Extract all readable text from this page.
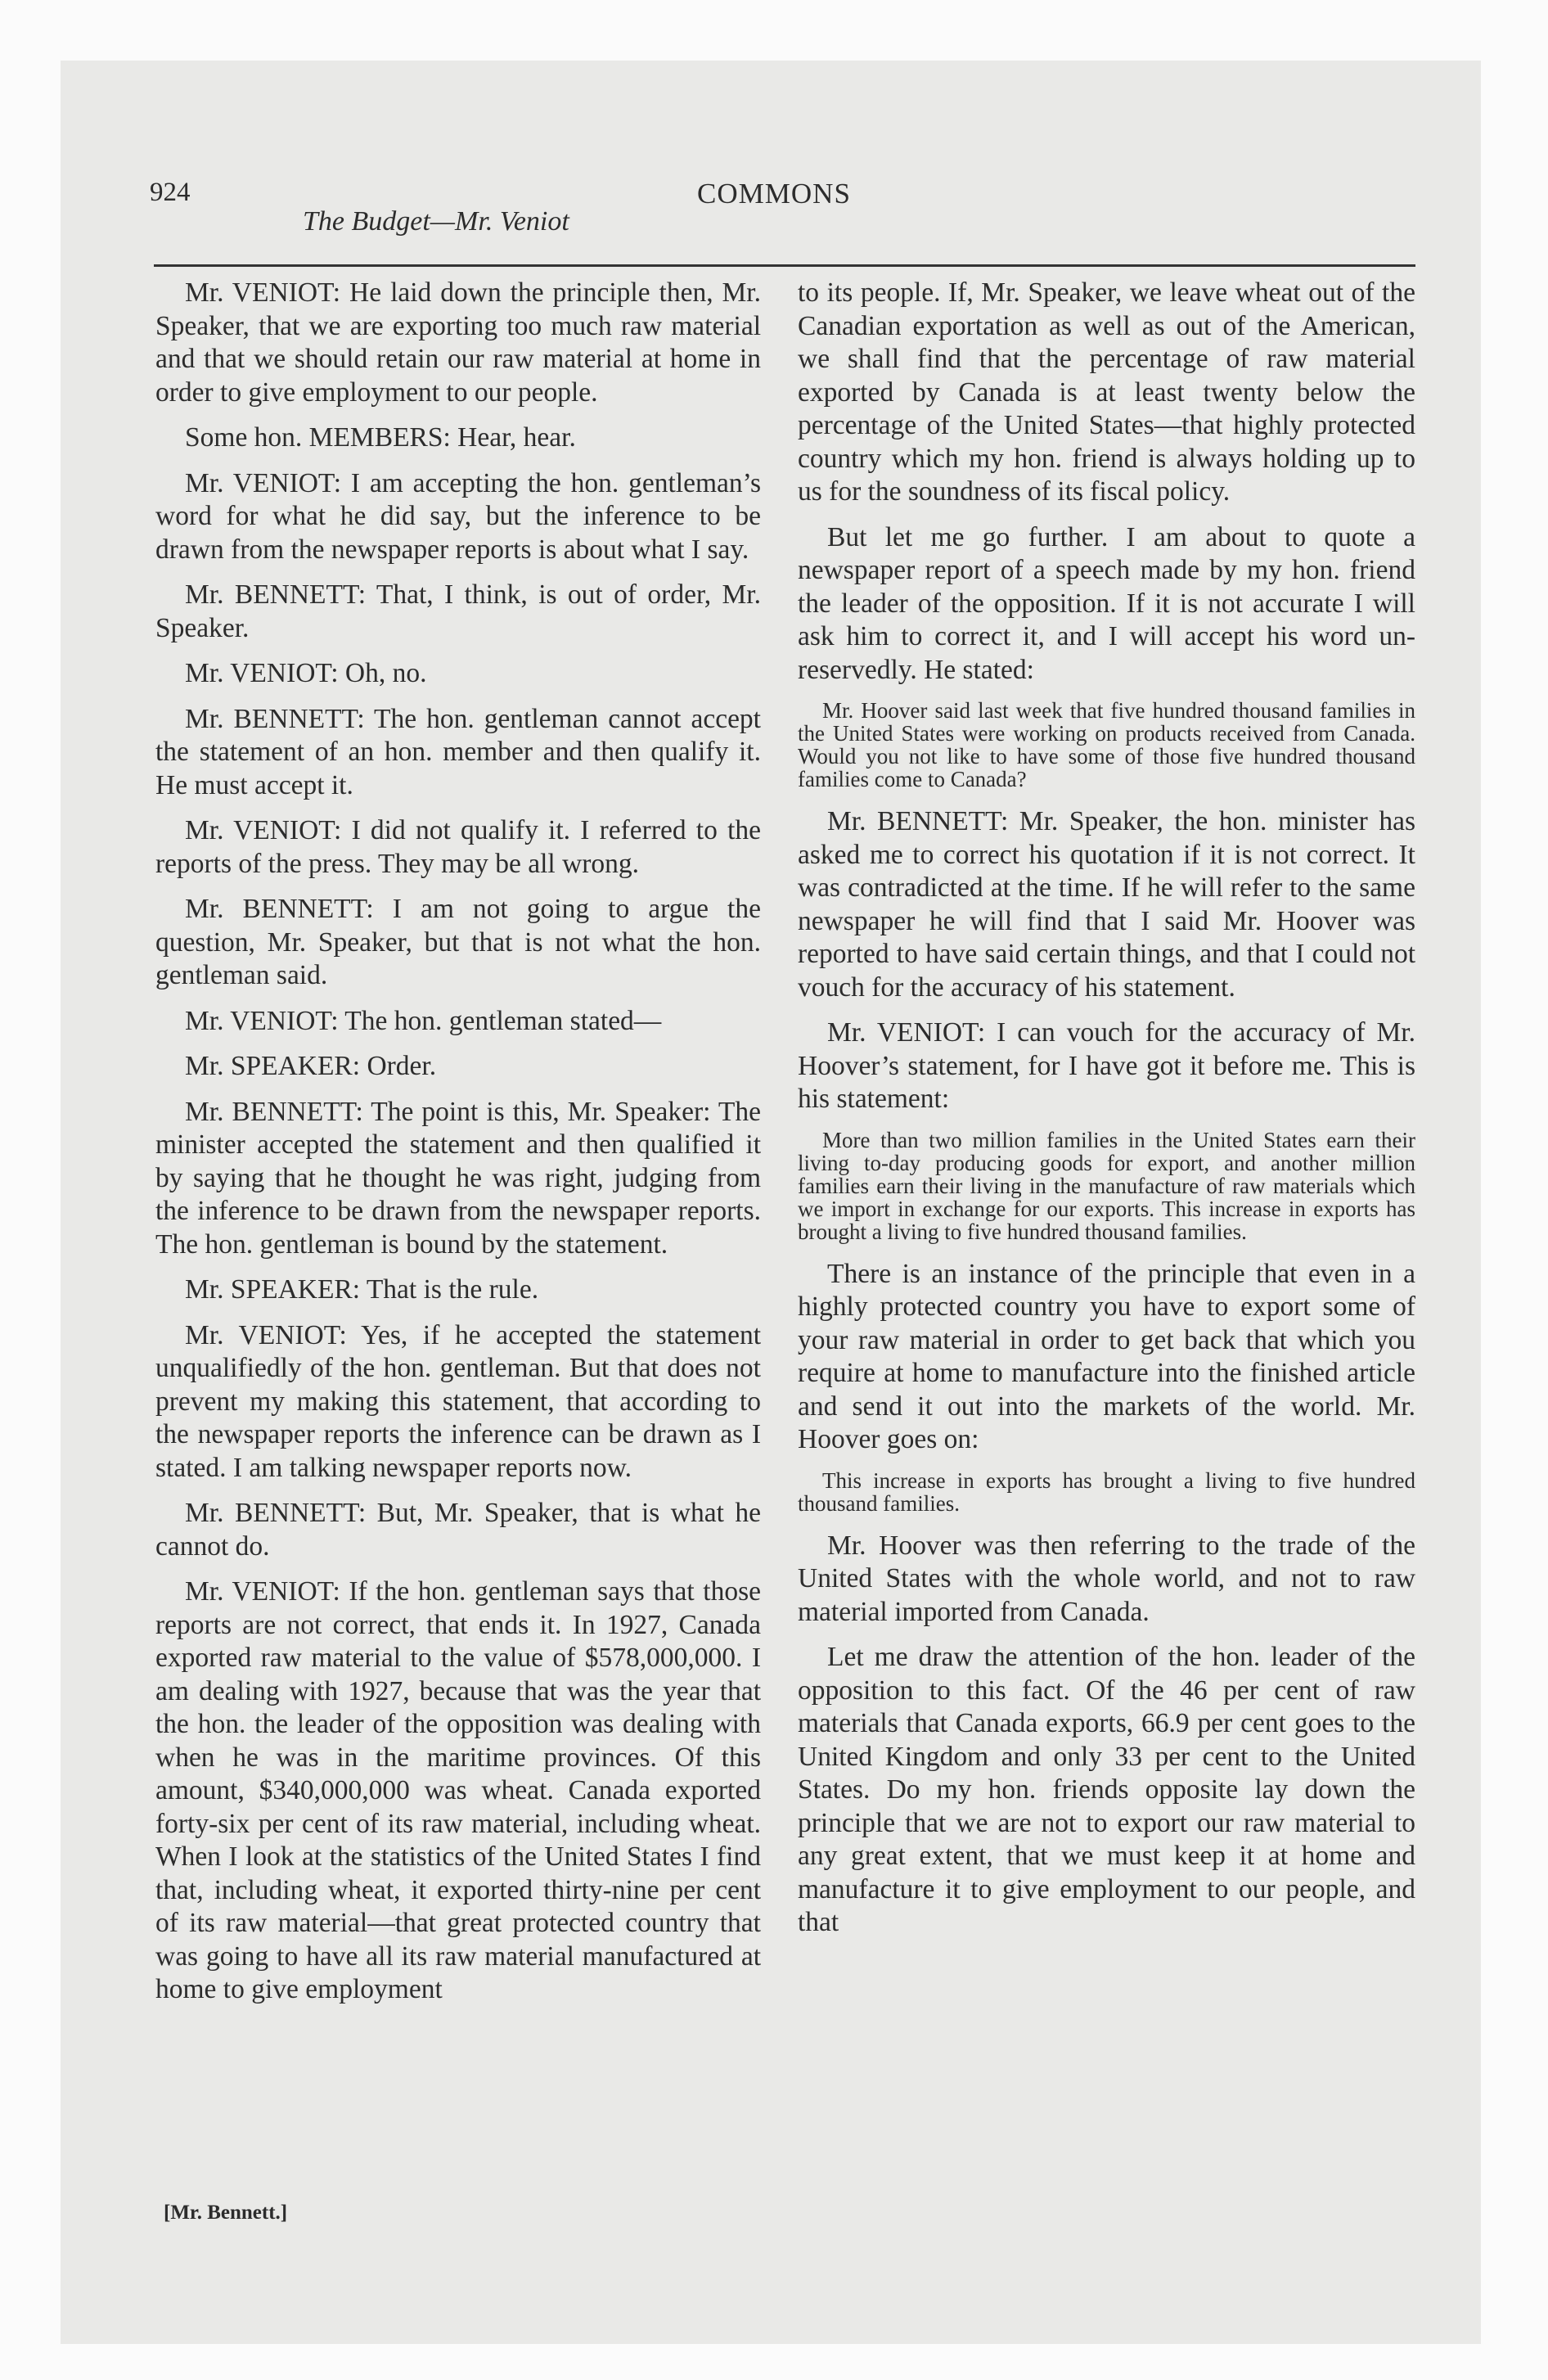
924	COMMONS
The Budget—Mr. Veniot

Mr. VENIOT: He laid down the principle then, Mr. Speaker, that we are exporting too much raw material and that we should retain our raw material at home in order to give employment to our people.

Some hon. MEMBERS: Hear, hear.

Mr. VENIOT: I am accepting the hon. gentleman’s word for what he did say, but the inference to be drawn from the newspaper reports is about what I say.

Mr. BENNETT: That, I think, is out of order, Mr. Speaker.

Mr. VENIOT: Oh, no.

Mr. BENNETT: The hon. gentleman cannot accept the statement of an hon. member and then qualify it. He must accept it.

Mr. VENIOT: I did not qualify it. I referred to the reports of the press. They may be all wrong.

Mr. BENNETT: I am not going to argue the question, Mr. Speaker, but that is not what the hon. gentleman said.

Mr. VENIOT: The hon. gentleman stated—

Mr. SPEAKER: Order.

Mr. BENNETT: The point is this, Mr. Speaker: The minister accepted the statement and then qualified it by saying that he thought he was right, judging from the inference to be drawn from the newspaper reports. The hon. gentleman is bound by the statement.

Mr. SPEAKER: That is the rule.

Mr. VENIOT: Yes, if he accepted the statement unqualifiedly of the hon. gentleman. But that does not prevent my making this statement, that according to the newspaper reports the inference can be drawn as I stated. I am talking newspaper reports now.

Mr. BENNETT: But, Mr. Speaker, that is what he cannot do.

Mr. VENIOT: If the hon. gentleman says that those reports are not correct, that ends it. In 1927, Canada exported raw material to the value of $578,000,000. I am dealing with 1927, because that was the year that the hon. the leader of the opposition was dealing with when he was in the maritime provinces. Of this amount, $340,000,000 was wheat. Canada exported forty-six per cent of its raw material, including wheat. When I look at the statistics of the United States I find that, including wheat, it exported thirty-nine per cent of its raw material—that great protected country that was going to have all its raw material manufactured at home to give employment

to its people. If, Mr. Speaker, we leave wheat out of the Canadian exportation as well as out of the American, we shall find that the percentage of raw material exported by Canada is at least twenty below the percentage of the United States—that highly protected country which my hon. friend is always holding up to us for the soundness of its fiscal policy.

But let me go further. I am about to quote a newspaper report of a speech made by my hon. friend the leader of the opposition. If it is not accurate I will ask him to correct it, and I will accept his word unreservedly. He stated:

Mr. Hoover said last week that five hundred thousand families in the United States were working on products received from Canada. Would you not like to have some of those five hundred thousand families come to Canada?

Mr. BENNETT: Mr. Speaker, the hon. minister has asked me to correct his quotation if it is not correct. It was contradicted at the time. If he will refer to the same newspaper he will find that I said Mr. Hoover was reported to have said certain things, and that I could not vouch for the accuracy of his statement.

Mr. VENIOT: I can vouch for the accuracy of Mr. Hoover’s statement, for I have got it before me. This is his statement:

More than two million families in the United States earn their living to-day producing goods for export, and another million families earn their living in the manufacture of raw materials which we import in exchange for our exports. This increase in exports has brought a living to five hundred thousand families.

There is an instance of the principle that even in a highly protected country you have to export some of your raw material in order to get back that which you require at home to manufacture into the finished article and send it out into the markets of the world. Mr. Hoover goes on:

This increase in exports has brought a living to five hundred thousand families.

Mr. Hoover was then referring to the trade of the United States with the whole world, and not to raw material imported from Canada.

Let me draw the attention of the hon. leader of the opposition to this fact. Of the 46 per cent of raw materials that Canada exports, 66.9 per cent goes to the United Kingdom and only 33 per cent to the United States. Do my hon. friends opposite lay down the principle that we are not to export our raw material to any great extent, that we must keep it at home and manufacture it to give employment to our people, and that

[Mr. Bennett.]
